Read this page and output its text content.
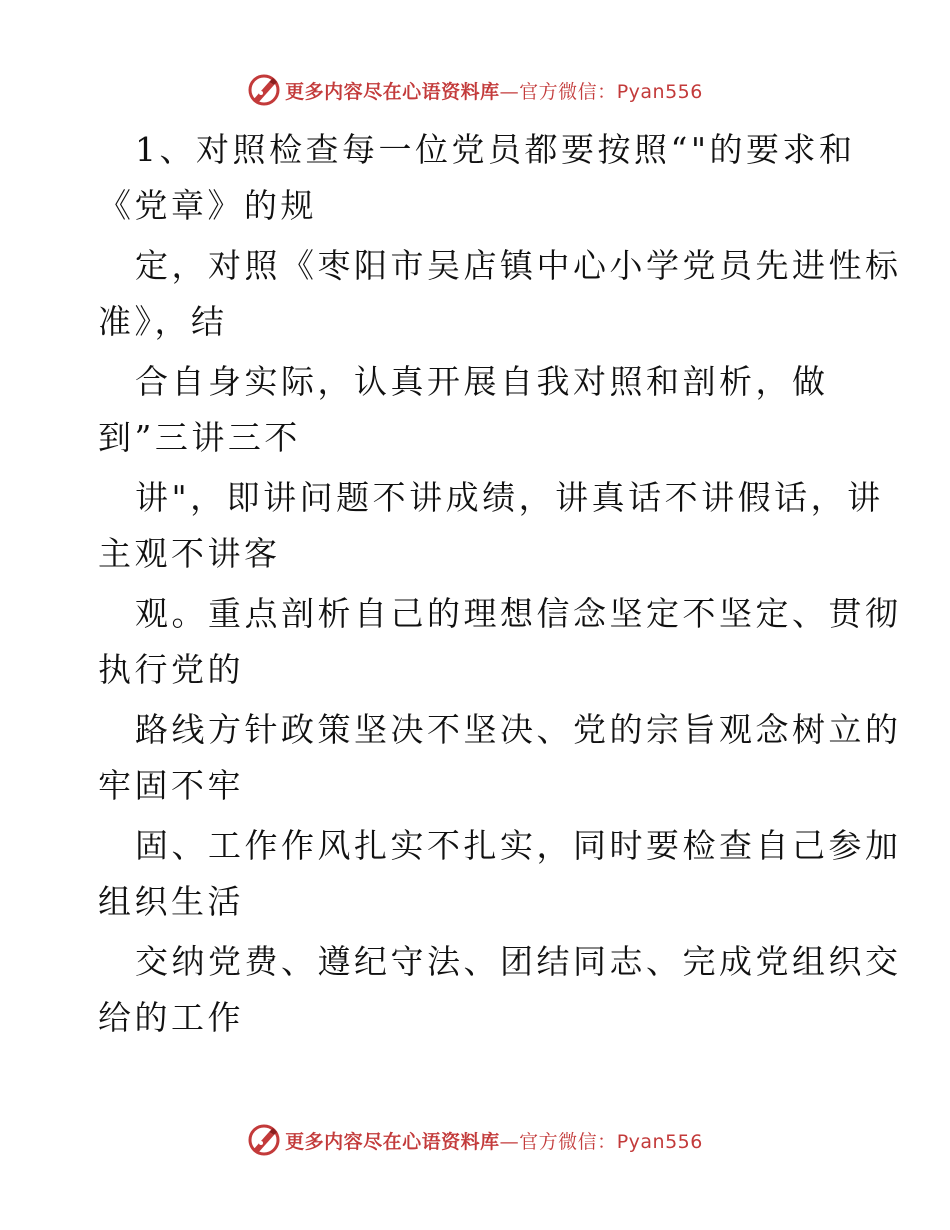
更多内容尽在心语资料库—官方微信：Pyan556
1、对照检查每一位党员都要按照“"的要求和
《党章》的规
定，对照《枣阳市吴店镇中心小学党员先进性标
准》，结
合自身实际，认真开展自我对照和剖析，做
到”三讲三不
讲"，即讲问题不讲成绩，讲真话不讲假话，讲
主观不讲客
观。重点剖析自己的理想信念坚定不坚定、贯彻
执行党的
路线方针政策坚决不坚决、党的宗旨观念树立的
牢固不牢
固、工作作风扎实不扎实，同时要检查自己参加
组织生活
交纳党费、遵纪守法、团结同志、完成党组织交
给的工作
更多内容尽在心语资料库—官方微信：Pyan556
